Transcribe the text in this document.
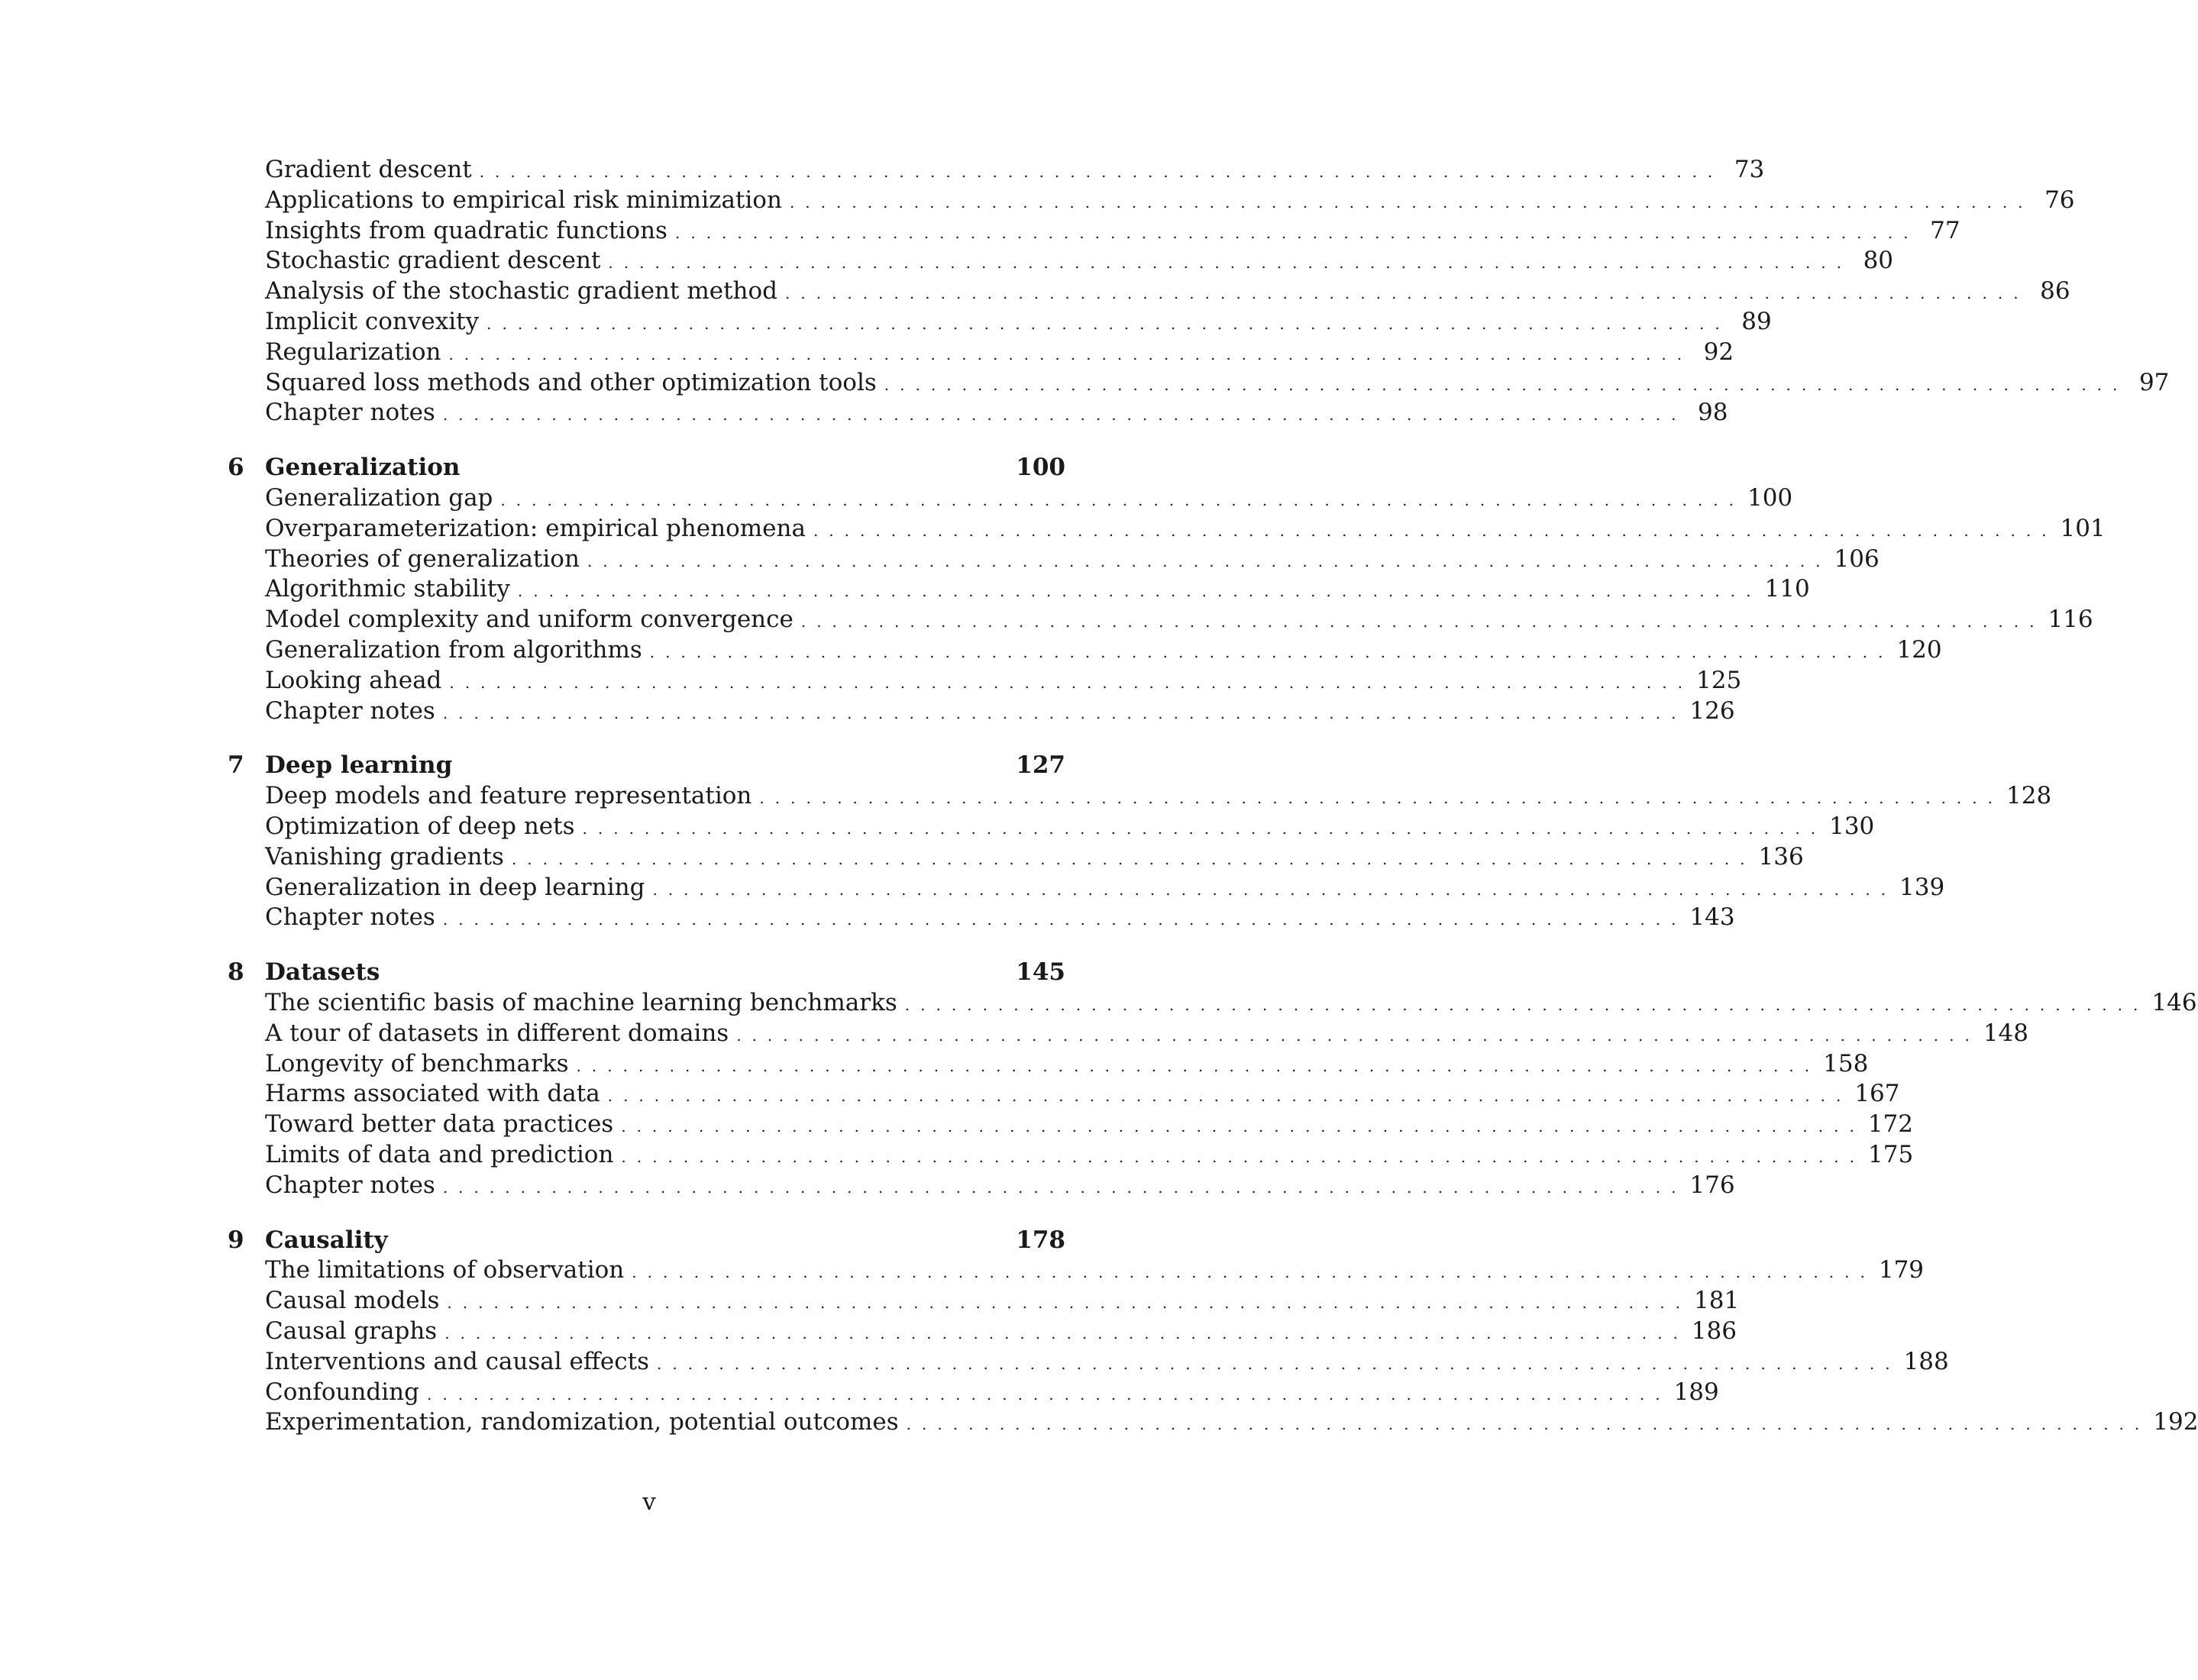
Gradient descent ................................................................................ 73
Applications to empirical risk minimization ................................................................................ 76
Insights from quadratic functions ................................................................................ 77
Stochastic gradient descent ................................................................................ 80
Analysis of the stochastic gradient method ................................................................................ 86
Implicit convexity ................................................................................ 89
Regularization ................................................................................ 92
Squared loss methods and other optimization tools ................................................................................ 97
Chapter notes ................................................................................ 98
6 Generalization	100
Generalization gap ................................................................................ 100
Overparameterization: empirical phenomena ................................................................................ 101
Theories of generalization ................................................................................ 106
Algorithmic stability ................................................................................ 110
Model complexity and uniform convergence ................................................................................ 116
Generalization from algorithms ................................................................................ 120
Looking ahead ................................................................................ 125
Chapter notes ................................................................................ 126
7 Deep learning	127
Deep models and feature representation ................................................................................ 128
Optimization of deep nets ................................................................................ 130
Vanishing gradients ................................................................................ 136
Generalization in deep learning ................................................................................ 139
Chapter notes ................................................................................ 143
8 Datasets	145
The scientific basis of machine learning benchmarks ................................................................................ 146
A tour of datasets in different domains ................................................................................ 148
Longevity of benchmarks ................................................................................ 158
Harms associated with data ................................................................................ 167
Toward better data practices ................................................................................ 172
Limits of data and prediction ................................................................................ 175
Chapter notes ................................................................................ 176
9 Causality	178
The limitations of observation ................................................................................ 179
Causal models ................................................................................ 181
Causal graphs ................................................................................ 186
Interventions and causal effects ................................................................................ 188
Confounding ................................................................................ 189
Experimentation, randomization, potential outcomes ................................................................................ 192
v
